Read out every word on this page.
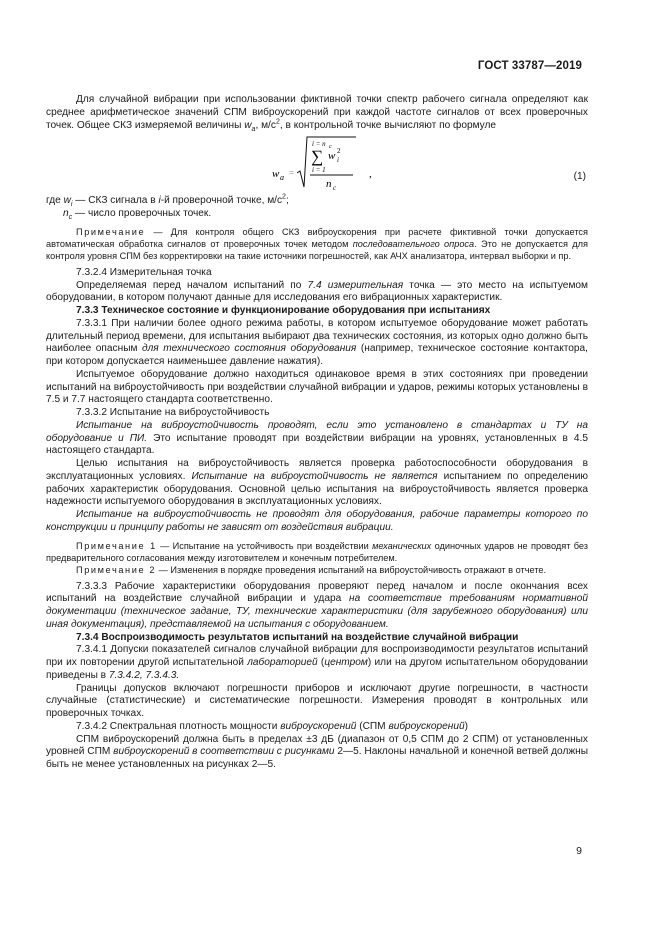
ГОСТ 33787—2019

Для случайной вибрации при использовании фиктивной точки спектр рабочего сигнала определяют как среднее арифметическое значений СПМ виброускорений при каждой частоте сигналов от всех проверочных точек. Общее СКЗ измеряемой величины $w_a$, $м/с^2$, в контрольной точке вычисляют по формуле

w a =
i = n c
∑ w i
2
i = 1
n c
,	(1)

где $w_i$ — СКЗ сигнала в i-й проверочной точке, $м/с^2$;

$n_c$ — число проверочных точек.

Примечание — Для контроля общего СКЗ виброускорения при расчете фиктивной точки допускается автоматическая обработка сигналов от проверочных точек методом последовательного опроса. Это не допускается для контроля уровня СПМ без корректировки на такие источники погрешностей, как АЧХ анализатора, интервал выборки и пр.

7.3.2.4 Измерительная точка

Определяемая перед началом испытаний по 7.4 измерительная точка — это место на испытуемом оборудовании, в котором получают данные для исследования его вибрационных характеристик.

7.3.3 Техническое состояние и функционирование оборудования при испытаниях

7.3.3.1 При наличии более одного режима работы, в котором испытуемое оборудование может работать длительный период времени, для испытания выбирают два технических состояния, из которых одно должно быть наиболее опасным для технического состояния оборудования (например, техническое состояние контактора, при котором допускается наименьшее давление нажатия).

Испытуемое оборудование должно находиться одинаковое время в этих состояниях при проведении испытаний на виброустойчивость при воздействии случайной вибрации и ударов, режимы которых установлены в 7.5 и 7.7 настоящего стандарта соответственно.

7.3.3.2 Испытание на виброустойчивость

Испытание на виброустойчивость проводят, если это установлено в стандартах и ТУ на оборудование и ПИ. Это испытание проводят при воздействии вибрации на уровнях, установленных в 4.5 настоящего стандарта.

Целью испытания на виброустойчивость является проверка работоспособности оборудования в эксплуатационных условиях. Испытание на виброустойчивость не является испытанием по определению рабочих характеристик оборудования. Основной целью испытания на виброустойчивость является проверка надежности испытуемого оборудования в эксплуатационных условиях.

Испытание на виброустойчивость не проводят для оборудования, рабочие параметры которого по конструкции и принципу работы не зависят от воздействия вибрации.

Примечание 1 — Испытание на устойчивость при воздействии механических одиночных ударов не проводят без предварительного согласования между изготовителем и конечным потребителем.

Примечание 2 — Изменения в порядке проведения испытаний на виброустойчивость отражают в отчете.

7.3.3.3 Рабочие характеристики оборудования проверяют перед началом и после окончания всех испытаний на воздействие случайной вибрации и удара на соответствие требованиям нормативной документации (техническое задание, ТУ, технические характеристики (для зарубежного оборудования) или иная документация), представляемой на испытания с оборудованием.

7.3.4 Воспроизводимость результатов испытаний на воздействие случайной вибрации

7.3.4.1 Допуски показателей сигналов случайной вибрации для воспроизводимости результатов испытаний при их повторении другой испытательной лабораторией (центром) или на другом испытательном оборудовании приведены в 7.3.4.2, 7.3.4.3.

Границы допусков включают погрешности приборов и исключают другие погрешности, в частности случайные (статистические) и систематические погрешности. Измерения проводят в контрольных или проверочных точках.

7.3.4.2 Спектральная плотность мощности виброускорений (СПМ виброускорений)

СПМ виброускорений должна быть в пределах ±3 дБ (диапазон от 0,5 СПМ до 2 СПМ) от установленных уровней СПМ виброускорений в соответствии с рисунками 2—5. Наклоны начальной и конечной ветвей должны быть не менее установленных на рисунках 2—5.

9
